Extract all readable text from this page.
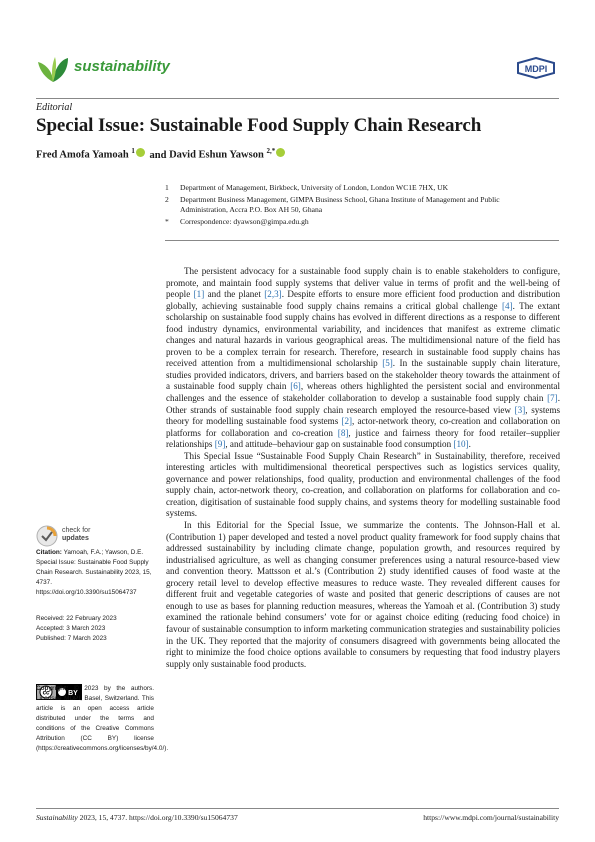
sustainability	MDPI
Editorial
Special Issue: Sustainable Food Supply Chain Research
Fred Amofa Yamoah $^1$ and David Eshun Yawson $^{2,*}$
1 Department of Management, Birkbeck, University of London, London WC1E 7HX, UK
2 Department Business Management, GIMPA Business School, Ghana Institute of Management and Public Administration, Accra P.O. Box AH 50, Ghana
* Correspondence: dyawson@gimpa.edu.gh

The persistent advocacy for a sustainable food supply chain is to enable stakeholders to configure, promote, and maintain food supply systems that deliver value in terms of profit and the well-being of people [1] and the planet [2,3]. Despite efforts to ensure more efficient food production and distribution globally, achieving sustainable food supply chains remains a critical global challenge [4]. The extant scholarship on sustainable food supply chains has evolved in different directions as a response to different food industry dynamics, environmental variability, and incidences that manifest as extreme climatic changes and natural hazards in various geographical areas. The multidimensional nature of the field has proven to be a complex terrain for research. Therefore, research in sustainable food supply chains has received attention from a multidimensional scholarship [5]. In the sustainable supply chain literature, studies provided indicators, drivers, and barriers based on the stakeholder theory towards the attainment of a sustainable food supply chain [6], whereas others highlighted the persistent social and environmental challenges and the essence of stakeholder collaboration to develop a sustainable food supply chain [7]. Other strands of sustainable food supply chain research employed the resource-based view [3], systems theory for modelling sustainable food systems [2], actor-network theory, co-creation and collaboration on platforms for collaboration and co-creation [8], justice and fairness theory for food retailer–supplier relationships [9], and attitude–behaviour gap on sustainable food consumption [10].

This Special Issue “Sustainable Food Supply Chain Research” in Sustainability, therefore, received interesting articles with multidimensional theoretical perspectives such as logistics services quality, governance and power relationships, food quality, production and environmental challenges of the food supply chain, actor-network theory, co-creation, and collaboration on platforms for collaboration and co-creation, digitisation of sustainable food supply chains, and systems theory for modelling sustainable food systems.

In this Editorial for the Special Issue, we summarize the contents. The Johnson-Hall et al. (Contribution 1) paper developed and tested a novel product quality framework for food supply chains that addressed sustainability by including climate change, population growth, and resources required by industrialised agriculture, as well as changing consumer preferences using a natural resource-based view and convention theory. Mattsson et al.’s (Contribution 2) study identified causes of food waste at the grocery retail level to develop effective measures to reduce waste. They revealed different causes for different fruit and vegetable categories of waste and posited that generic descriptions of causes are not enough to use as bases for planning reduction measures, whereas the Yamoah et al. (Contribution 3) study examined the rationale behind consumers’ vote for or against choice editing (reducing food choice) in favour of sustainable consumption to inform marketing communication strategies and sustainability policies in the UK. They reported that the majority of consumers disagreed with governments being allocated the right to minimize the food choice options available to consumers by requesting that food industry players supply only sustainable food products.

check for
updates
Citation: Yamoah, F.A.; Yawson, D.E. Special Issue: Sustainable Food Supply Chain Research. Sustainability 2023, 15, 4737. https://doi.org/10.3390/su15064737
Received: 22 February 2023
Accepted: 3 March 2023
Published: 7 March 2023
cc	BY
Copyright: © 2023 by the authors. Licensee MDPI, Basel, Switzerland. This article is an open access article distributed under the terms and conditions of the Creative Commons Attribution (CC BY) license (https://creativecommons.org/licenses/by/4.0/).
Sustainability 2023, 15, 4737. https://doi.org/10.3390/su15064737	https://www.mdpi.com/journal/sustainability
